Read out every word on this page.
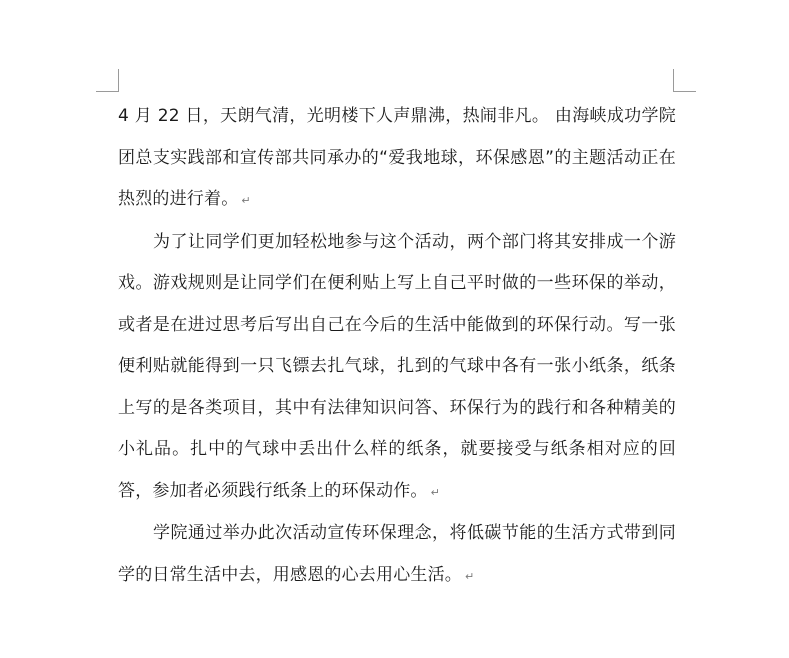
4 月 22 日，天朗气清，光明楼下人声鼎沸，热闹非凡。 由海峡成功学院团总支实践部和宣传部共同承办的“爱我地球，环保感恩”的主题活动正在热烈的进行着。 ↵

为了让同学们更加轻松地参与这个活动，两个部门将其安排成一个游戏。游戏规则是让同学们在便利贴上写上自己平时做的一些环保的举动，或者是在进过思考后写出自己在今后的生活中能做到的环保行动。写一张便利贴就能得到一只飞镖去扎气球，扎到的气球中各有一张小纸条，纸条上写的是各类项目，其中有法律知识问答、环保行为的践行和各种精美的小礼品。扎中的气球中丢出什么样的纸条，就要接受与纸条相对应的回答，参加者必须践行纸条上的环保动作。 ↵

学院通过举办此次活动宣传环保理念，将低碳节能的生活方式带到同学的日常生活中去，用感恩的心去用心生活。 ↵
